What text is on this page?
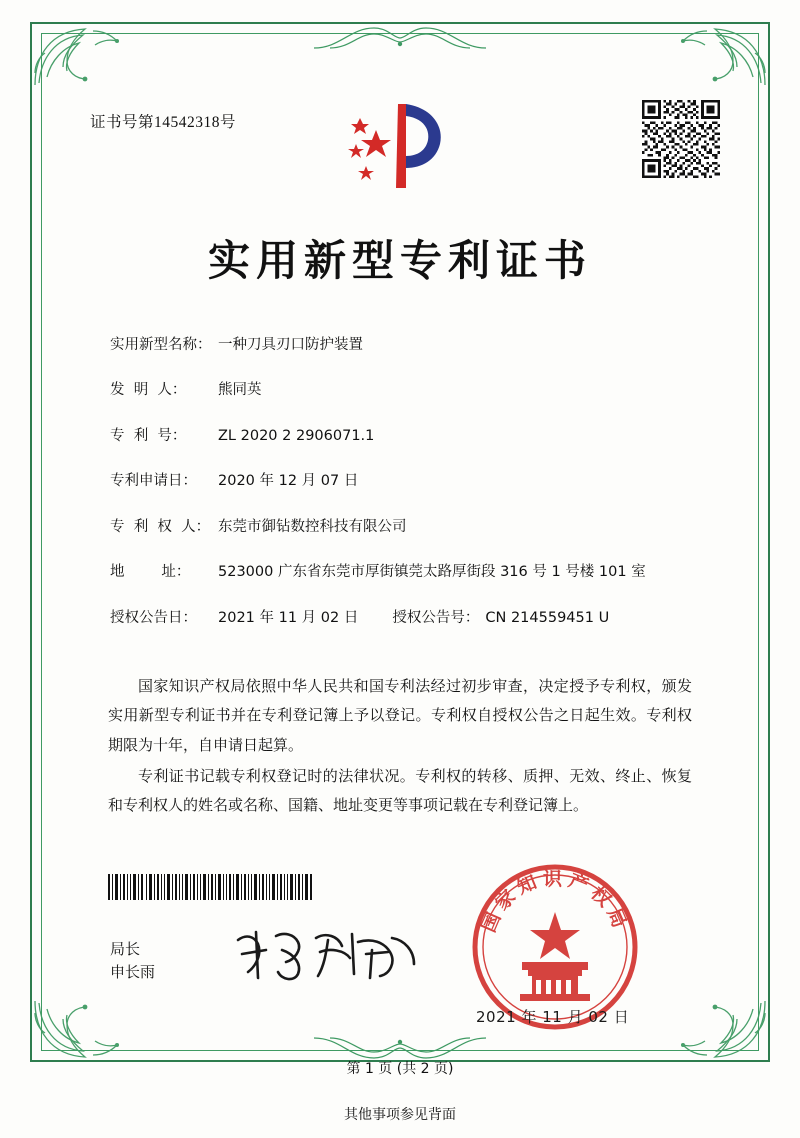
证书号第14542318号
实用新型专利证书
实用新型名称： 一种刀具刃口防护装置
发  明  人：	熊同英
专  利  号：	ZL 2020 2 2906071.1
专利申请日：	2020 年 12 月 07 日
专  利  权  人： 东莞市御钻数控科技有限公司
地        址：	523000 广东省东莞市厚街镇莞太路厚街段 316 号 1 号楼 101 室
授权公告日：	2021 年 11 月 02 日 授权公告号： CN 214559451 U

国家知识产权局依照中华人民共和国专利法经过初步审查，决定授予专利权，颁发实用新型专利证书并在专利登记簿上予以登记。专利权自授权公告之日起生效。专利权期限为十年，自申请日起算。

专利证书记载专利权登记时的法律状况。专利权的转移、质押、无效、终止、恢复和专利权人的姓名或名称、国籍、地址变更等事项记载在专利登记簿上。

局长
申长雨
国家知识产权局
2021 年 11 月 02 日
第 1 页 (共 2 页)
其他事项参见背面
